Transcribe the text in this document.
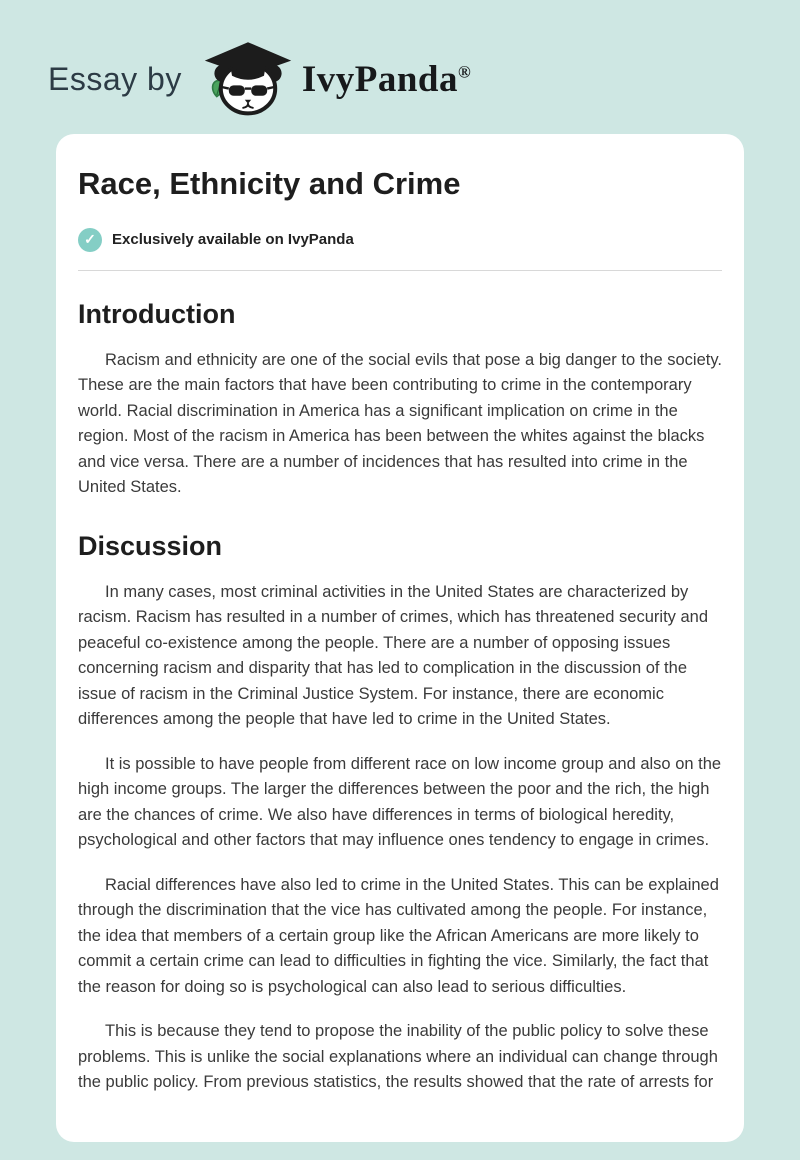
Essay by	IvyPanda®
Race, Ethnicity and Crime
✓	Exclusively available on IvyPanda
Introduction

Racism and ethnicity are one of the social evils that pose a big danger to the society. These are the main factors that have been contributing to crime in the contemporary world. Racial discrimination in America has a significant implication on crime in the region. Most of the racism in America has been between the whites against the blacks and vice versa. There are a number of incidences that has resulted into crime in the United States.

Discussion

In many cases, most criminal activities in the United States are characterized by racism. Racism has resulted in a number of crimes, which has threatened security and peaceful co-existence among the people. There are a number of opposing issues concerning racism and disparity that has led to complication in the discussion of the issue of racism in the Criminal Justice System. For instance, there are economic differences among the people that have led to crime in the United States.

It is possible to have people from different race on low income group and also on the high income groups. The larger the differences between the poor and the rich, the high are the chances of crime. We also have differences in terms of biological heredity, psychological and other factors that may influence ones tendency to engage in crimes.

Racial differences have also led to crime in the United States. This can be explained through the discrimination that the vice has cultivated among the people. For instance, the idea that members of a certain group like the African Americans are more likely to commit a certain crime can lead to difficulties in fighting the vice. Similarly, the fact that the reason for doing so is psychological can also lead to serious difficulties.

This is because they tend to propose the inability of the public policy to solve these problems. This is unlike the social explanations where an individual can change through the public policy. From previous statistics, the results showed that the rate of arrests for
